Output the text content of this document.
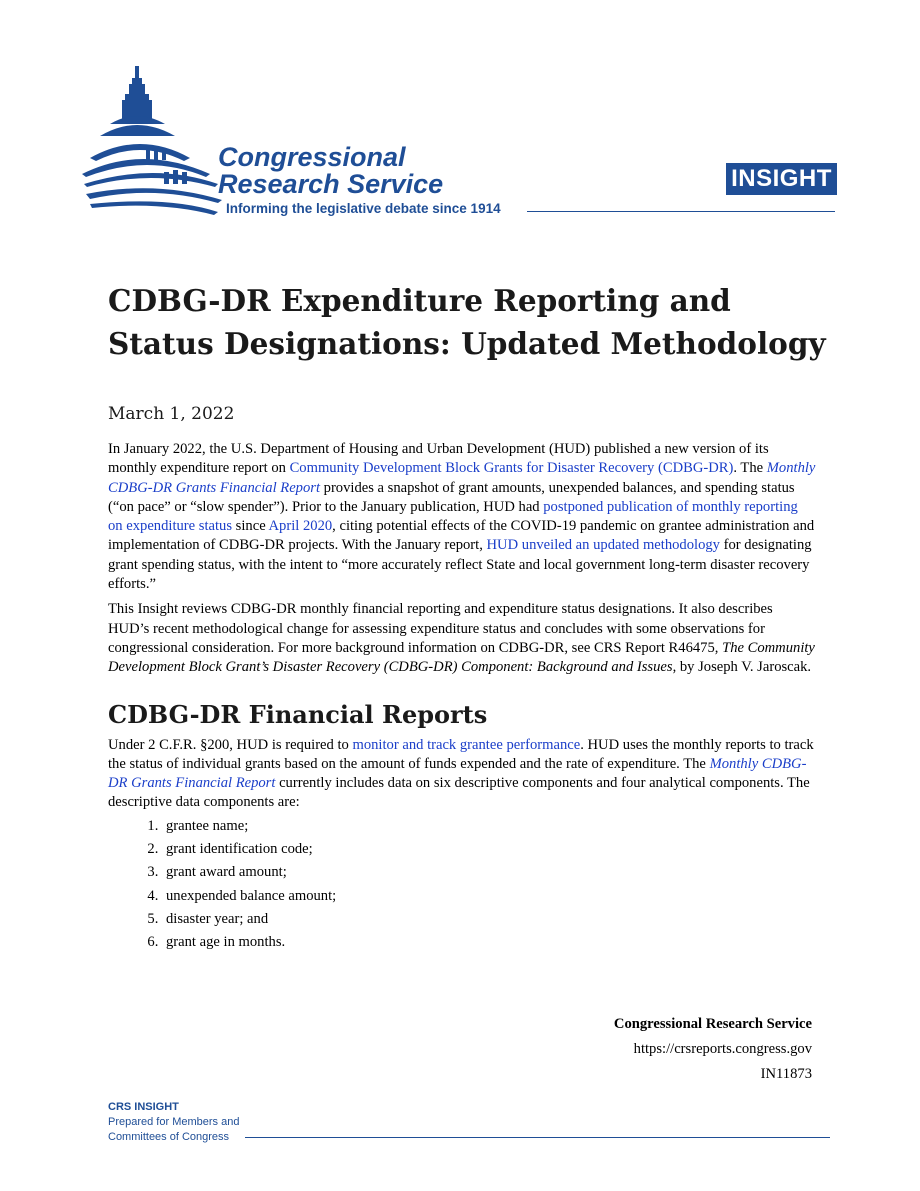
Congressional
Research Service
Informing the legislative debate since 1914
INSIGHT
CDBG-DR Expenditure Reporting and Status Designations: Updated Methodology
March 1, 2022

In January 2022, the U.S. Department of Housing and Urban Development (HUD) published a new version of its monthly expenditure report on Community Development Block Grants for Disaster Recovery (CDBG-DR). The Monthly CDBG-DR Grants Financial Report provides a snapshot of grant amounts, unexpended balances, and spending status (“on pace” or “slow spender”). Prior to the January publication, HUD had postponed publication of monthly reporting on expenditure status since April 2020, citing potential effects of the COVID-19 pandemic on grantee administration and implementation of CDBG-DR projects. With the January report, HUD unveiled an updated methodology for designating grant spending status, with the intent to “more accurately reflect State and local government long-term disaster recovery efforts.”

This Insight reviews CDBG-DR monthly financial reporting and expenditure status designations. It also describes HUD’s recent methodological change for assessing expenditure status and concludes with some observations for congressional consideration. For more background information on CDBG-DR, see CRS Report R46475, The Community Development Block Grant’s Disaster Recovery (CDBG-DR) Component: Background and Issues, by Joseph V. Jaroscak.

CDBG-DR Financial Reports

Under 2 C.F.R. §200, HUD is required to monitor and track grantee performance. HUD uses the monthly reports to track the status of individual grants based on the amount of funds expended and the rate of expenditure. The Monthly CDBG-DR Grants Financial Report currently includes data on six descriptive components and four analytical components. The descriptive data components are:

1. grantee name;
2. grant identification code;
3. grant award amount;
4. unexpended balance amount;
5. disaster year; and
6. grant age in months.
Congressional Research Service
https://crsreports.congress.gov
IN11873
CRS INSIGHT
Prepared for Members and
Committees of Congress
